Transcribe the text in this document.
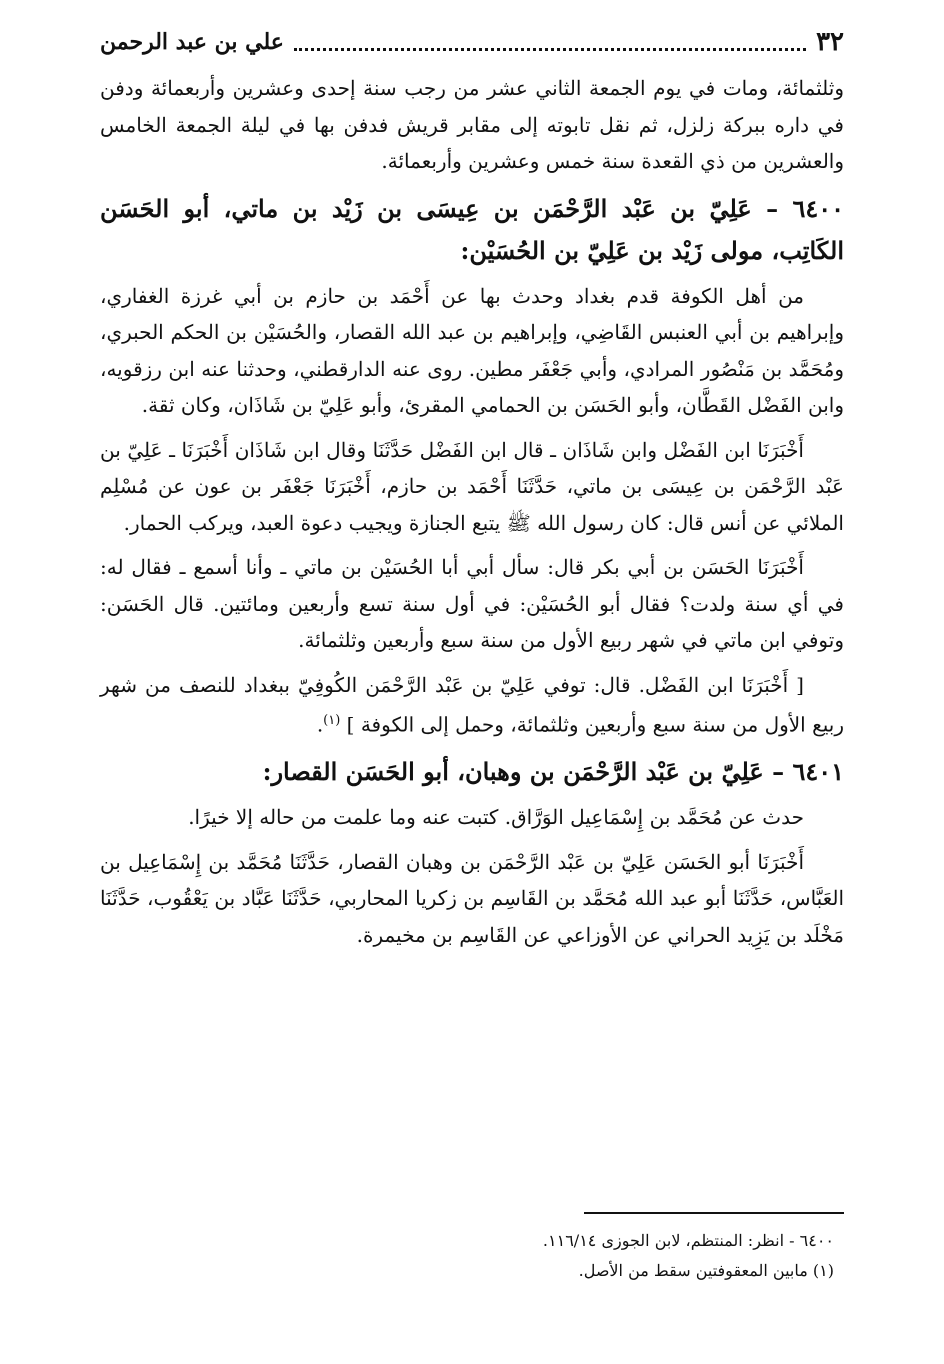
٣٢
علي بن عبد الرحمن

وثلثمائة، ومات في يوم الجمعة الثاني عشر من رجب سنة إحدى وعشرين وأربعمائة ودفن في داره ببركة زلزل، ثم نقل تابوته إلى مقابر قريش فدفن بها في ليلة الجمعة الخامس والعشرين من ذي القعدة سنة خمس وعشرين وأربعمائة.

٦٤٠٠ – عَلِيّ بن عَبْد الرَّحْمَن بن عِيسَى بن زَيْد بن ماتي، أبو الحَسَن الكَاتِب، مولى زَيْد بن عَلِيّ بن الحُسَيْن:

من أهل الكوفة قدم بغداد وحدث بها عن أَحْمَد بن حازم بن أبي غرزة الغفاري، وإبراهيم بن أبي العنبس القَاضِي، وإبراهيم بن عبد الله القصار، والحُسَيْن بن الحكم الحبري، ومُحَمَّد بن مَنْصُور المرادي، وأبي جَعْفَر مطين. روى عنه الدارقطني، وحدثنا عنه ابن رزقويه، وابن الفَضْل القَطَّان، وأبو الحَسَن بن الحمامي المقرئ، وأبو عَلِيّ بن شَاذَان، وكان ثقة.

أَخْبَرَنَا ابن الفَضْل وابن شَاذَان ـ قال ابن الفَضْل حَدَّثَنَا وقال ابن شَاذَان أَخْبَرَنَا ـ عَلِيّ بن عَبْد الرَّحْمَن بن عِيسَى بن ماتي، حَدَّثَنَا أَحْمَد بن حازم، أَخْبَرَنَا جَعْفَر بن عون عن مُسْلِم الملائي عن أنس قال: كان رسول الله ﷺ يتبع الجنازة ويجيب دعوة العبد، ويركب الحمار.

أَخْبَرَنَا الحَسَن بن أبي بكر قال: سأل أبي أبا الحُسَيْن بن ماتي ـ وأنا أسمع ـ فقال له: في أي سنة ولدت؟ فقال أبو الحُسَيْن: في أول سنة تسع وأربعين ومائتين. قال الحَسَن: وتوفي ابن ماتي في شهر ربيع الأول من سنة سبع وأربعين وثلثمائة.

[ أَخْبَرَنَا ابن الفَضْل. قال: توفي عَلِيّ بن عَبْد الرَّحْمَن الكُوفِيّ ببغداد للنصف من شهر ربيع الأول من سنة سبع وأربعين وثلثمائة، وحمل إلى الكوفة ] $^{(١)}$.

٦٤٠١ – عَلِيّ بن عَبْد الرَّحْمَن بن وهبان، أبو الحَسَن القصار:

حدث عن مُحَمَّد بن إِسْمَاعِيل الوَرَّاق. كتبت عنه وما علمت من حاله إلا خيرًا.

أَخْبَرَنَا أبو الحَسَن عَلِيّ بن عَبْد الرَّحْمَن بن وهبان القصار، حَدَّثَنَا مُحَمَّد بن إِسْمَاعِيل بن العَبَّاس، حَدَّثَنَا أبو عبد الله مُحَمَّد بن القَاسِم بن زكريا المحاربي، حَدَّثَنَا عَبَّاد بن يَعْقُوب، حَدَّثَنَا مَخْلَد بن يَزِيد الحراني عن الأوزاعي عن القَاسِم بن مخيمرة.

٦٤٠٠ - انظر: المنتظم، لابن الجوزى ١١٦/١٤.

(١) مابين المعقوفتين سقط من الأصل.
